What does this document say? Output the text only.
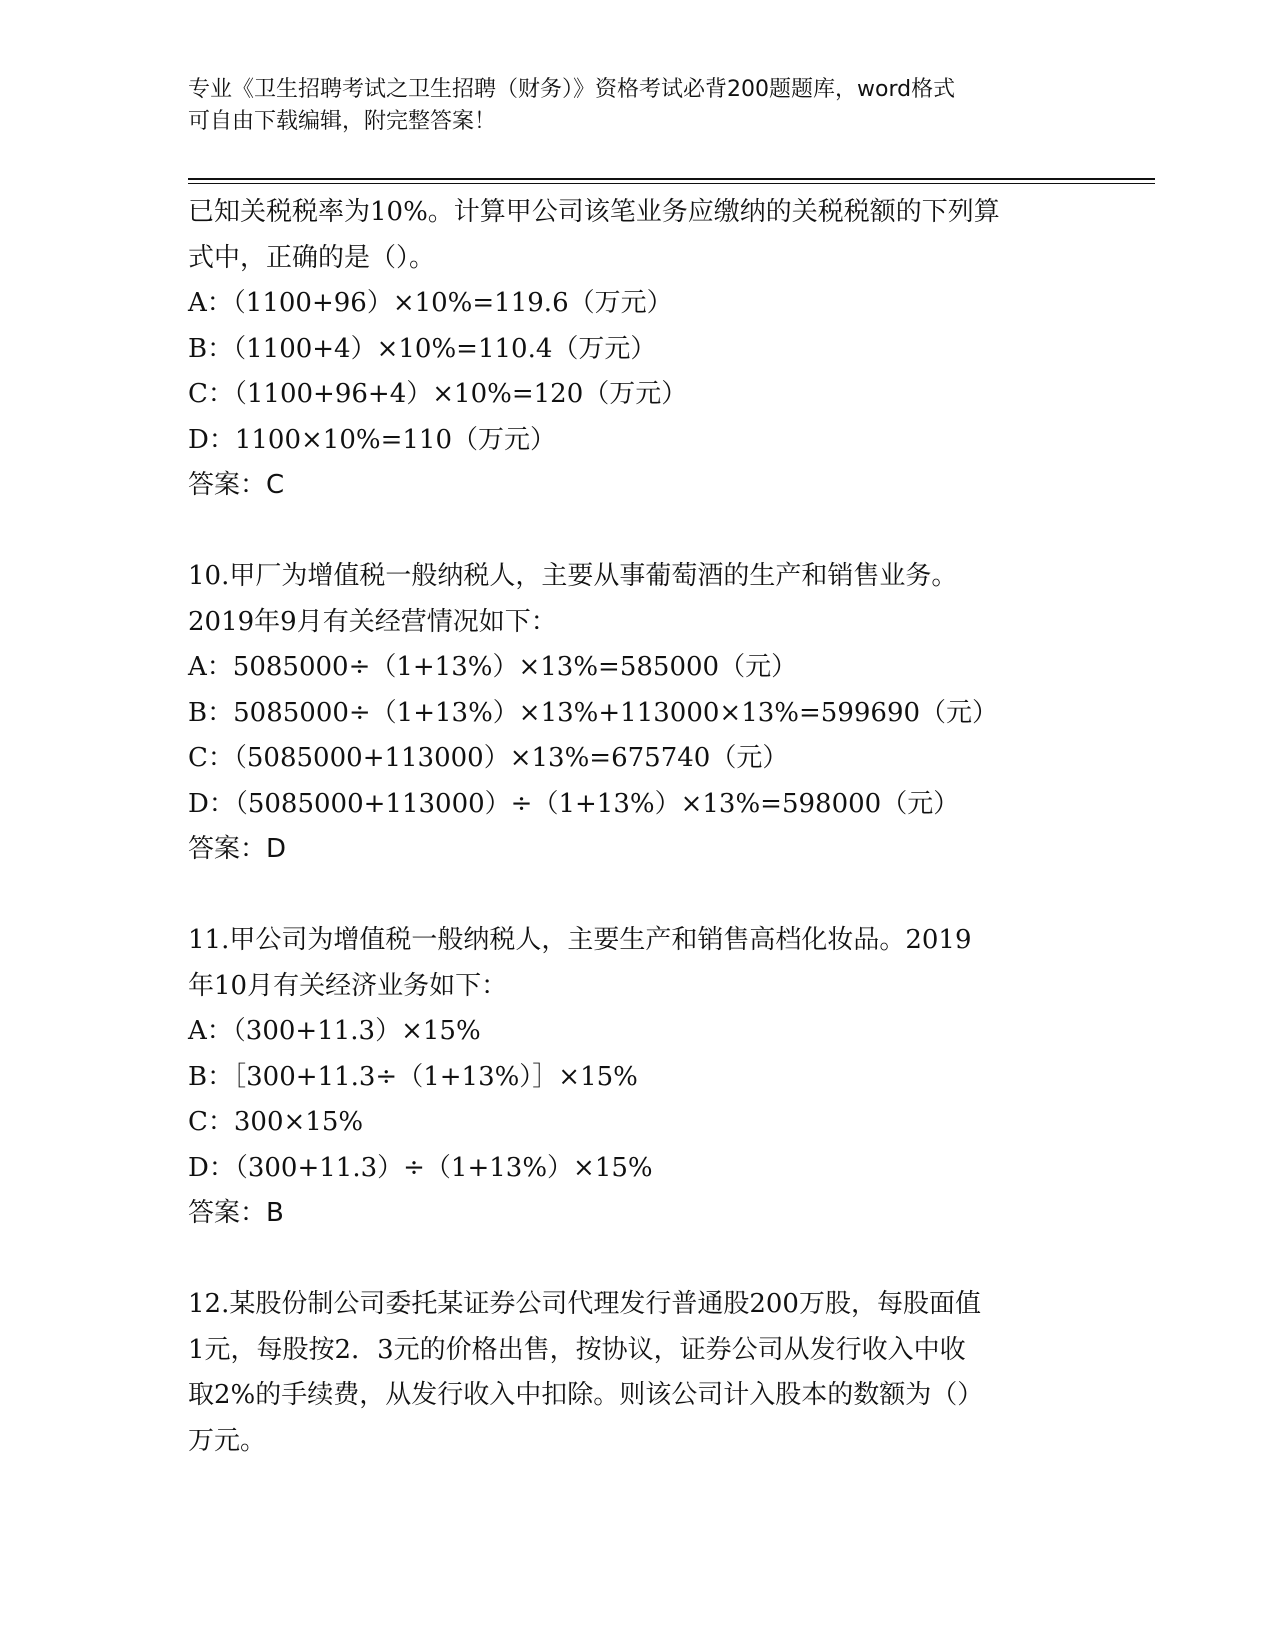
专业《卫生招聘考试之卫生招聘（财务）》资格考试必背200题题库，word格式
可自由下载编辑，附完整答案！
已知关税税率为10%。计算甲公司该笔业务应缴纳的关税税额的下列算
式中，正确的是（）。
A：（1100+96）×10%=119.6（万元）
B：（1100+4）×10%=110.4（万元）
C：（1100+96+4）×10%=120（万元）
D：1100×10%=110（万元）
答案：C
10.甲厂为增值税一般纳税人，主要从事葡萄酒的生产和销售业务。
2019年9月有关经营情况如下：
A：5085000÷（1+13%）×13%=585000（元）
B：5085000÷（1+13%）×13%+113000×13%=599690（元）
C：（5085000+113000）×13%=675740（元）
D：（5085000+113000）÷（1+13%）×13%=598000（元）
答案：D
11.甲公司为增值税一般纳税人，主要生产和销售高档化妆品。2019
年10月有关经济业务如下：
A：（300+11.3）×15%
B：［300+11.3÷（1+13%）］×15%
C：300×15%
D：（300+11.3）÷（1+13%）×15%
答案：B
12.某股份制公司委托某证券公司代理发行普通股200万股，每股面值
1元，每股按2．3元的价格出售，按协议，证券公司从发行收入中收
取2%的手续费，从发行收入中扣除。则该公司计入股本的数额为（）
万元。
